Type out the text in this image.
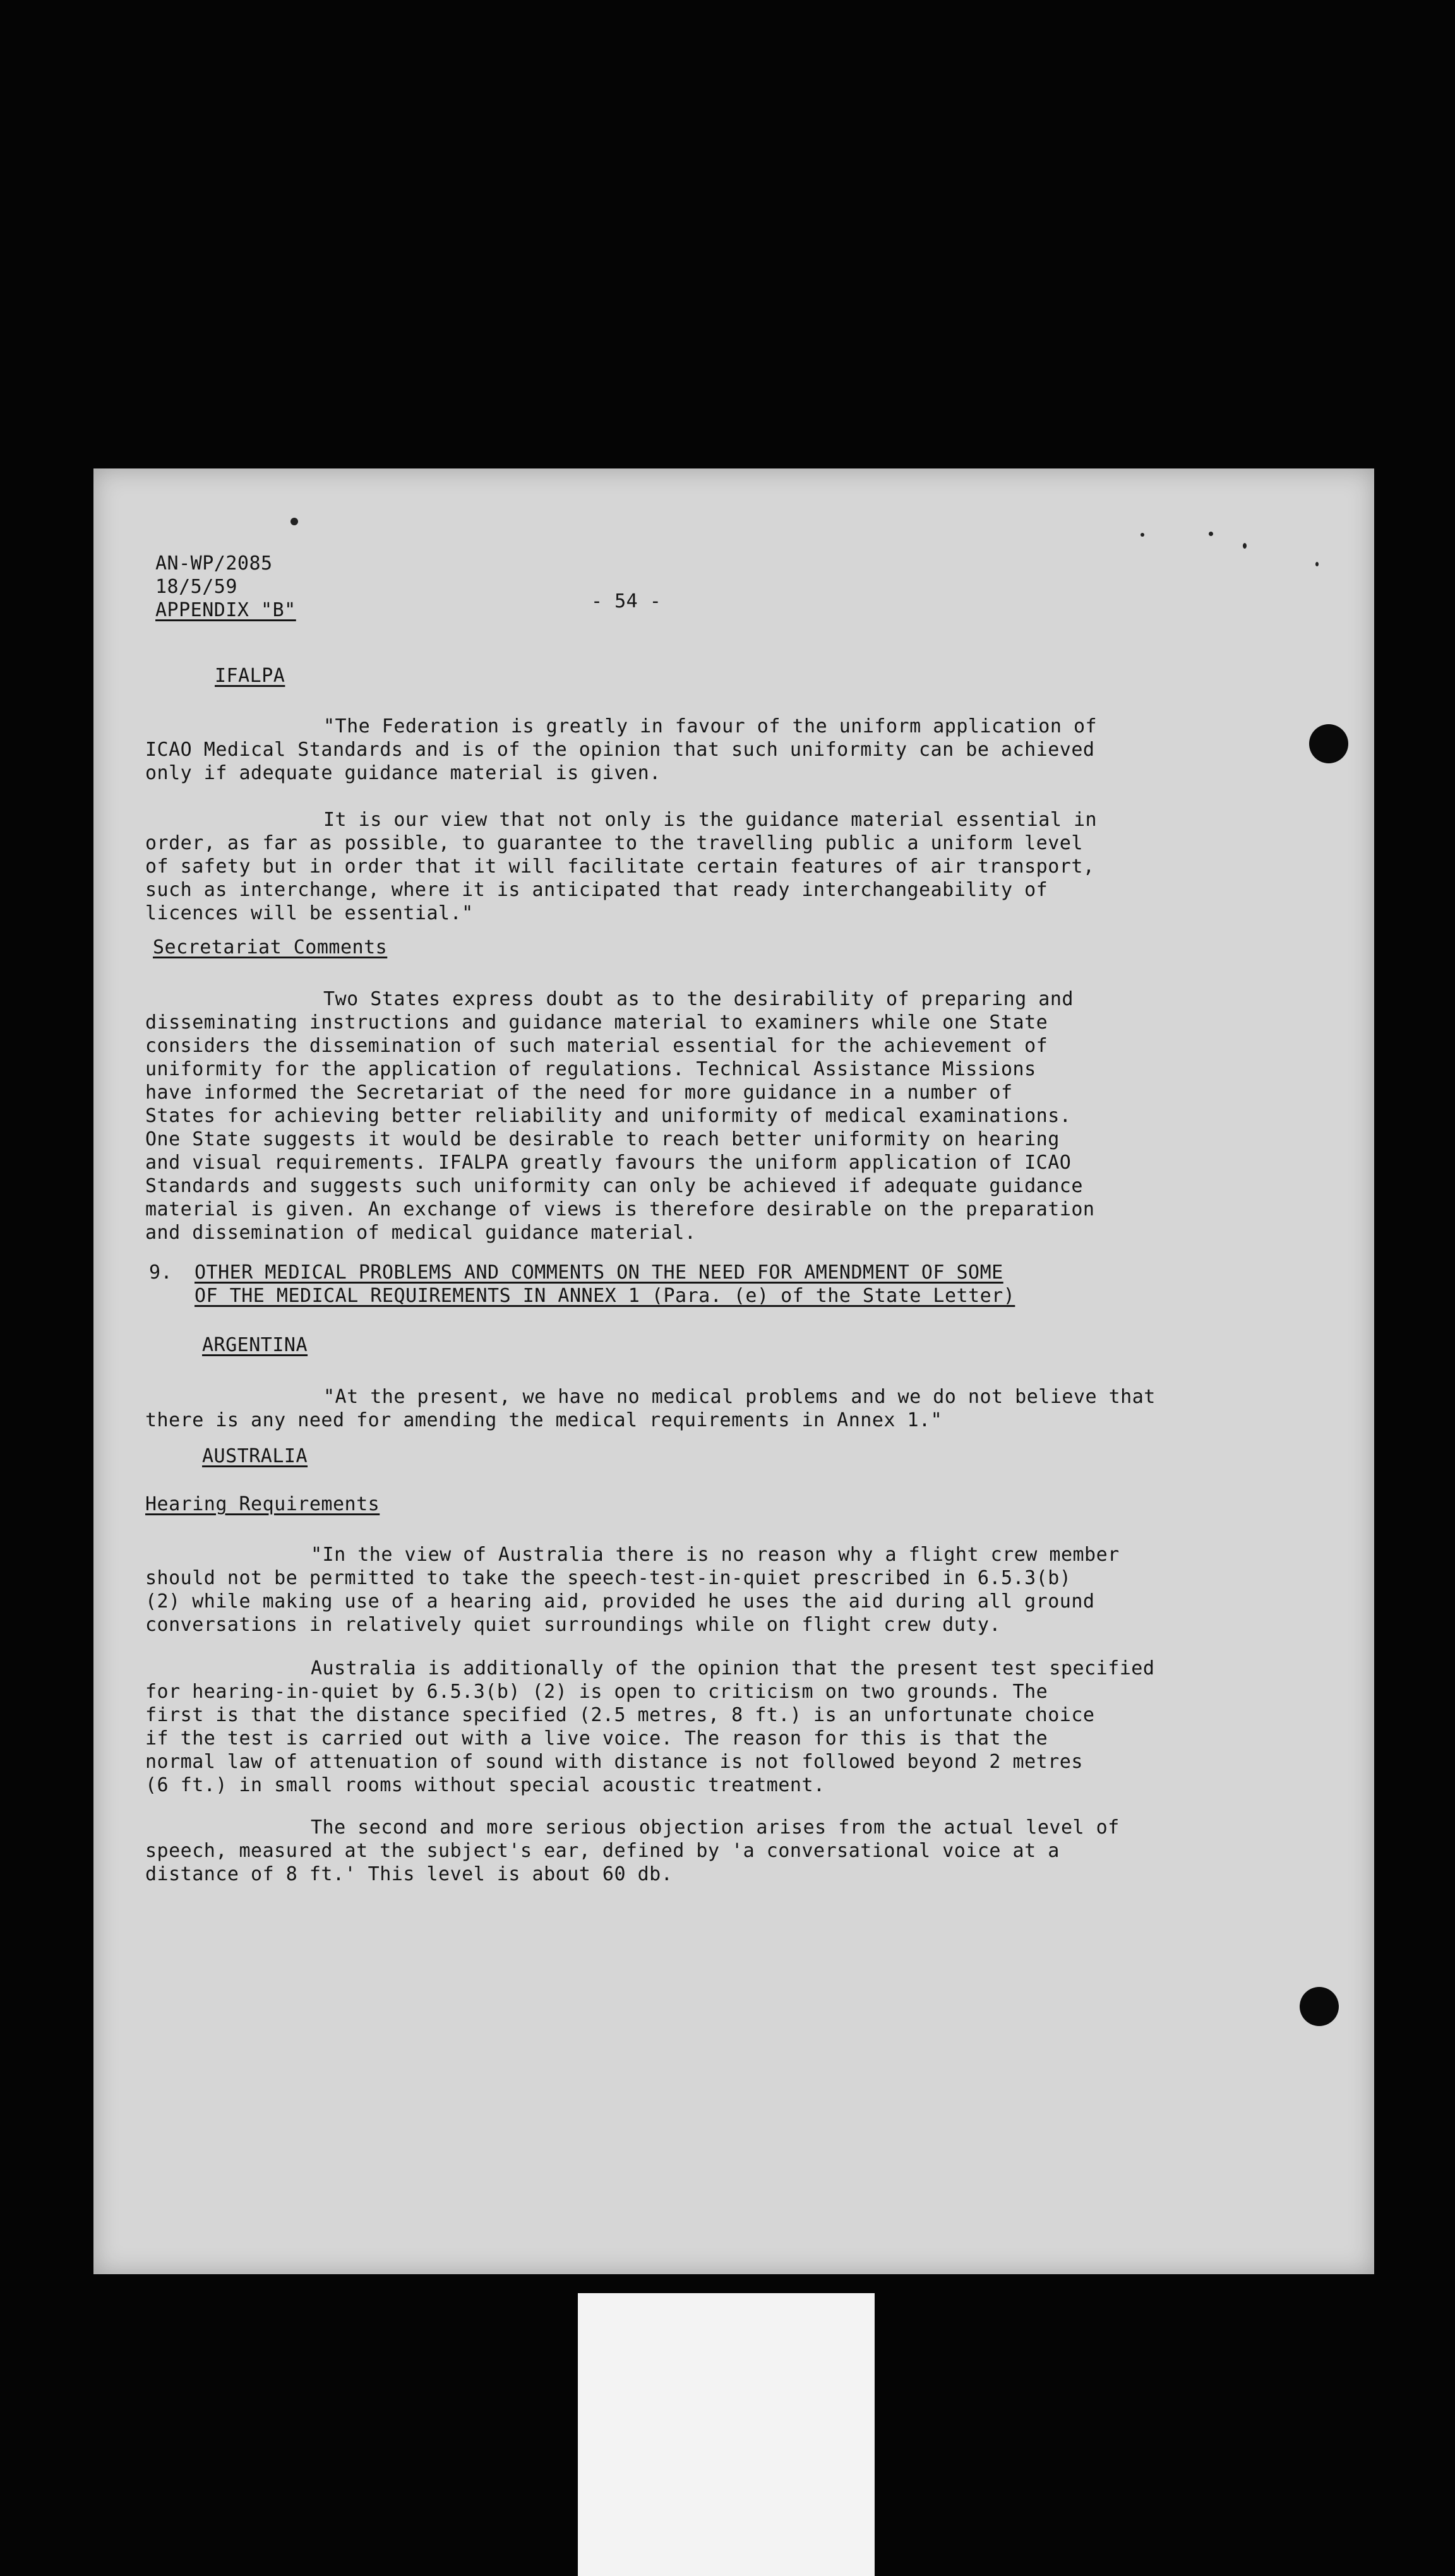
AN-WP/2085
18/5/59
APPENDIX "B"	- 54 -
IFALPA
"The Federation is greatly in favour of the uniform application of
ICAO Medical Standards and is of the opinion that such uniformity can be achieved
only if adequate guidance material is given.
It is our view that not only is the guidance material essential in
order, as far as possible, to guarantee to the travelling public a uniform level
of safety but in order that it will facilitate certain features of air transport,
such as interchange, where it is anticipated that ready interchangeability of
licences will be essential."
Secretariat Comments
Two States express doubt as to the desirability of preparing and
disseminating instructions and guidance material to examiners while one State
considers the dissemination of such material essential for the achievement of
uniformity for the application of regulations. Technical Assistance Missions
have informed the Secretariat of the need for more guidance in a number of
States for achieving better reliability and uniformity of medical examinations.
One State suggests it would be desirable to reach better uniformity on hearing
and visual requirements. IFALPA greatly favours the uniform application of ICAO
Standards and suggests such uniformity can only be achieved if adequate guidance
material is given. An exchange of views is therefore desirable on the preparation
and dissemination of medical guidance material.
9. OTHER MEDICAL PROBLEMS AND COMMENTS ON THE NEED FOR AMENDMENT OF SOME
OF THE MEDICAL REQUIREMENTS IN ANNEX 1 (Para. (e) of the State Letter)
ARGENTINA
"At the present, we have no medical problems and we do not believe that
there is any need for amending the medical requirements in Annex 1."
AUSTRALIA
Hearing Requirements
"In the view of Australia there is no reason why a flight crew member
should not be permitted to take the speech-test-in-quiet prescribed in 6.5.3(b)
(2) while making use of a hearing aid, provided he uses the aid during all ground
conversations in relatively quiet surroundings while on flight crew duty.
Australia is additionally of the opinion that the present test specified
for hearing-in-quiet by 6.5.3(b) (2) is open to criticism on two grounds. The
first is that the distance specified (2.5 metres, 8 ft.) is an unfortunate choice
if the test is carried out with a live voice. The reason for this is that the
normal law of attenuation of sound with distance is not followed beyond 2 metres
(6 ft.) in small rooms without special acoustic treatment.
The second and more serious objection arises from the actual level of
speech, measured at the subject's ear, defined by 'a conversational voice at a
distance of 8 ft.' This level is about 60 db.
